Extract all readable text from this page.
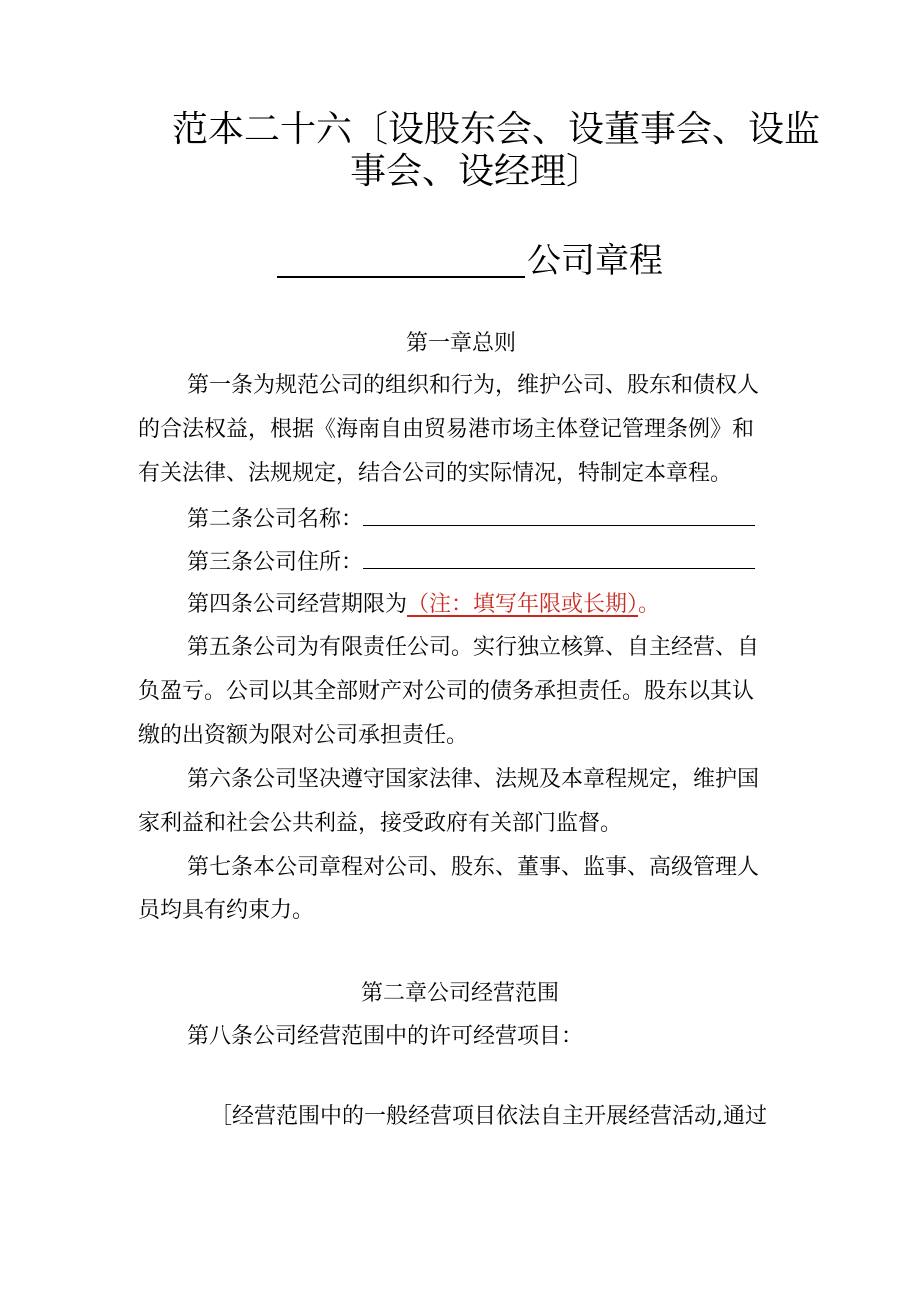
范本二十六〔设股东会、设董事会、设监
事会、设经理〕
公司章程
第一章总则
第一条为规范公司的组织和行为，维护公司、股东和债权人
的合法权益，根据《海南自由贸易港市场主体登记管理条例》和
有关法律、法规规定，结合公司的实际情况，特制定本章程。
第二条公司名称：
第三条公司住所：
第四条公司经营期限为（注：填写年限或长期）。
第五条公司为有限责任公司。实行独立核算、自主经营、自
负盈亏。公司以其全部财产对公司的债务承担责任。股东以其认
缴的出资额为限对公司承担责任。
第六条公司坚决遵守国家法律、法规及本章程规定，维护国
家利益和社会公共利益，接受政府有关部门监督。
第七条本公司章程对公司、股东、董事、监事、高级管理人
员均具有约束力。
第二章公司经营范围
第八条公司经营范围中的许可经营项目：
［经营范围中的一般经营项目依法自主开展经营活动,通过
